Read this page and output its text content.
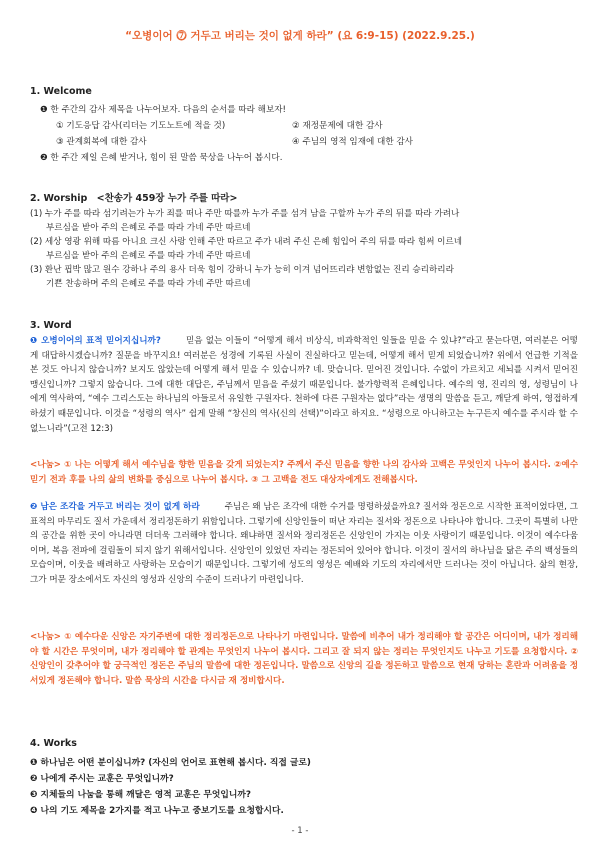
“오병이어 ⓻ 거두고 버리는 것이 없게 하라” (요 6:9-15) (2022.9.25.)
1. Welcome
❶ 한 주간의 감사 제목을 나누어보자. 다음의 순서를 따라 해보자!
① 기도응답 감사(리더는 기도노트에 적을 것)	② 재정문제에 대한 감사
③ 관계회복에 대한 감사	④ 주님의 영적 임재에 대한 감사
❷ 한 주간 제일 은혜 받거나, 힘이 된 말씀 묵상을 나누어 봅시다.
2. Worship <찬송가 459장 누가 주를 따라>
(1) 누가 주를 따라 섬기려는가 누가 죄를 떠나 주만 따를까 누가 주를 섬겨 남을 구할까 누가 주의 뒤를 따라 가려나
부르심을 받아 주의 은혜로 주를 따라 가네 주만 따르네
(2) 세상 영광 위해 따름 아니요 크신 사랑 인해 주만 따르고 주가 내려 주신 은혜 힘입어 주의 뒤를 따라 힘써 이르네
부르심을 받아 주의 은혜로 주를 따라 가네 주만 따르네
(3) 환난 핍박 많고 원수 강하나 주의 용사 더욱 힘이 강하니 누가 능히 이겨 넘어뜨리랴 변함없는 진리 승리하리라
기쁜 찬송하며 주의 은혜로 주를 따라 가네 주만 따르네
3. Word
❶ 오병이어의 표적 믿어지십니까?	믿음 없는 이들이 “어떻게 해서 비상식, 비과학적인 일들을 믿을 수 있냐?”라고 묻는다면, 여러분은 어떻게 대답하시겠습니까? 질문을 바꾸지요! 여러분은 성경에 기록된 사실이 진실하다고 믿는데, 어떻게 해서 믿게 되었습니까? 위에서 언급한 기적을 본 것도 아니지 않습니까? 보지도 않았는데 어떻게 해서 믿을 수 있습니까? 네. 맞습니다. 믿어진 것입니다. 수없이 가르치고 세뇌를 시켜서 믿어진 맹신입니까? 그렇지 않습니다. 그에 대한 대답은, 주님께서 믿음을 주셨기 때문입니다. 불가항력적 은혜입니다. 예수의 영, 진리의 영, 성령님이 나에게 역사하여, “예수 그리스도는 하나님의 아들로서 유일한 구원자다. 천하에 다른 구원자는 없다”라는 생명의 말씀을 듣고, 깨닫게 하여, 영접하게 하셨기 때문입니다. 이것을 “성령의 역사” 쉽게 말해 “창신의 역사(신의 선택)”이라고 하지요. “성령으로 아니하고는 누구든지 예수를 주시라 할 수 없느니라”(고전 12:3)
<나눔> ① 나는 어떻게 해서 예수님을 향한 믿음을 갖게 되었는지? 주께서 주신 믿음을 향한 나의 감사와 고백은 무엇인지 나누어 봅시다. ②예수 믿기 전과 후를 나의 삶의 변화를 중심으로 나누어 봅시다. ③ 그 고백을 전도 대상자에게도 전해봅시다.
❷ 남은 조각을 거두고 버리는 것이 없게 하라	주님은 왜 남은 조각에 대한 수거를 명령하셨을까요? 질서와 정돈으로 시작한 표적이었다면, 그 표적의 마무리도 질서 가운데서 정리정돈하기 위함입니다. 그렇기에 신앙인들이 떠난 자리는 질서와 정돈으로 나타나야 합니다. 그곳이 특별히 나만의 공간을 위한 곳이 아니라면 더더욱 그러해야 합니다. 왜냐하면 질서와 정리정돈은 신앙인이 가지는 이웃 사랑이기 때문입니다. 이것이 예수다움이며, 복음 전파에 걸림돌이 되지 않기 위해서입니다. 신앙인이 있었던 자리는 정돈되어 있어야 합니다. 이것이 질서의 하나님을 닮은 주의 백성들의 모습이며, 이웃을 배려하고 사랑하는 모습이기 때문입니다. 그렇기에 성도의 영성은 예배와 기도의 자리에서만 드러나는 것이 아닙니다. 삶의 현장, 그가 머문 장소에서도 자신의 영성과 신앙의 수준이 드러나기 마련입니다.
<나눔> ① 예수다운 신앙은 자기주변에 대한 정리정돈으로 나타나기 마련입니다. 말씀에 비추어 내가 정리해야 할 공간은 어디이며, 내가 정리해야 할 시간은 무엇이며, 내가 정리해야 할 관계는 무엇인지 나누어 봅시다. 그리고 잘 되지 않는 정리는 무엇인지도 나누고 기도를 요청합시다. ② 신앙인이 갖추어야 할 궁극적인 정돈은 주님의 말씀에 대한 정돈입니다. 말씀으로 신앙의 길을 정돈하고 말씀으로 현재 당하는 혼란과 어려움을 정서있게 정돈해야 합니다. 말씀 묵상의 시간을 다시금 재 정비합시다.
4. Works
❶ 하나님은 어떤 분이십니까? (자신의 언어로 표현해 봅시다. 직접 글로)
❷ 나에게 주시는 교훈은 무엇입니까?
❸ 지체들의 나눔을 통해 깨달은 영적 교훈은 무엇입니까?
❹ 나의 기도 제목을 2가지를 적고 나누고 중보기도를 요청합시다.
- 1 -
